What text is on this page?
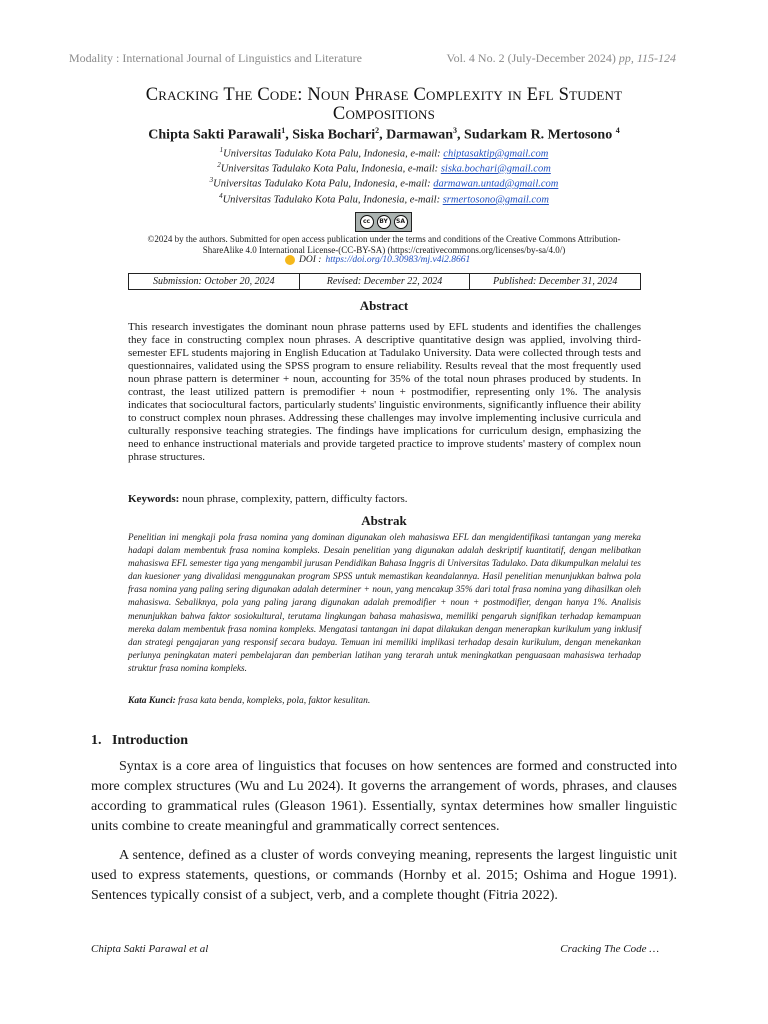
Modality : International Journal of Linguistics and Literature	Vol. 4 No. 2 (July-December 2024) pp, 115-124
Cracking The Code: Noun Phrase Complexity in Efl Student
Compositions
Chipta Sakti Parawali$^1$, Siska Bochari$^2$, Darmawan$^3$, Sudarkam R. Mertosono $^4$
$^1$Universitas Tadulako Kota Palu, Indonesia, e-mail: chiptasaktip@gmail.com
$^2$Universitas Tadulako Kota Palu, Indonesia, e-mail: siska.bochari@gmail.com
$^3$Universitas Tadulako Kota Palu, Indonesia, e-mail: darmawan.untad@gmail.com
$^4$Universitas Tadulako Kota Palu, Indonesia, e-mail: srmertosono@gmail.com
cc	BY	SA
©2024 by the authors. Submitted for open access publication under the terms and conditions of the Creative Commons Attribution-ShareAlike 4.0 International License-(CC-BY-SA) (https://creativecommons.org/licenses/by-sa/4.0/)
DOI : https://doi.org/10.30983/mj.v4i2.8661
Submission: October 20, 2024	Revised: December 22, 2024	Published: December 31, 2024
Abstract
This research investigates the dominant noun phrase patterns used by EFL students and identifies the challenges they face in constructing complex noun phrases. A descriptive quantitative design was applied, involving third-semester EFL students majoring in English Education at Tadulako University. Data were collected through tests and questionnaires, validated using the SPSS program to ensure reliability. Results reveal that the most frequently used noun phrase pattern is determiner + noun, accounting for 35% of the total noun phrases produced by students. In contrast, the least utilized pattern is premodifier + noun + postmodifier, representing only 1%. The analysis indicates that sociocultural factors, particularly students' linguistic environments, significantly influence their ability to construct complex noun phrases. Addressing these challenges may involve implementing inclusive curricula and culturally responsive teaching strategies. The findings have implications for curriculum design, emphasizing the need to enhance instructional materials and provide targeted practice to improve students' mastery of complex noun phrase structures.
Keywords: noun phrase, complexity, pattern, difficulty factors.
Abstrak
Penelitian ini mengkaji pola frasa nomina yang dominan digunakan oleh mahasiswa EFL dan mengidentifikasi tantangan yang mereka hadapi dalam membentuk frasa nomina kompleks. Desain penelitian yang digunakan adalah deskriptif kuantitatif, dengan melibatkan mahasiswa EFL semester tiga yang mengambil jurusan Pendidikan Bahasa Inggris di Universitas Tadulako. Data dikumpulkan melalui tes dan kuesioner yang divalidasi menggunakan program SPSS untuk memastikan keandalannya. Hasil penelitian menunjukkan bahwa pola frasa nomina yang paling sering digunakan adalah determiner + noun, yang mencakup 35% dari total frasa nomina yang dihasilkan oleh mahasiswa. Sebaliknya, pola yang paling jarang digunakan adalah premodifier + noun + postmodifier, dengan hanya 1%. Analisis menunjukkan bahwa faktor sosiokultural, terutama lingkungan bahasa mahasiswa, memiliki pengaruh signifikan terhadap kemampuan mereka dalam membentuk frasa nomina kompleks. Mengatasi tantangan ini dapat dilakukan dengan menerapkan kurikulum yang inklusif dan strategi pengajaran yang responsif secara budaya. Temuan ini memiliki implikasi terhadap desain kurikulum, dengan menekankan perlunya peningkatan materi pembelajaran dan pemberian latihan yang terarah untuk meningkatkan penguasaan mahasiswa terhadap struktur frasa nomina kompleks.
Kata Kunci: frasa kata benda, kompleks, pola, faktor kesulitan.
1. Introduction

Syntax is a core area of linguistics that focuses on how sentences are formed and constructed into more complex structures (Wu and Lu 2024). It governs the arrangement of words, phrases, and clauses according to grammatical rules (Gleason 1961). Essentially, syntax determines how smaller linguistic units combine to create meaningful and grammatically correct sentences.

A sentence, defined as a cluster of words conveying meaning, represents the largest linguistic unit used to express statements, questions, or commands (Hornby et al. 2015; Oshima and Hogue 1991). Sentences typically consist of a subject, verb, and a complete thought (Fitria 2022).

Chipta Sakti Parawal et al	Cracking The Code …
